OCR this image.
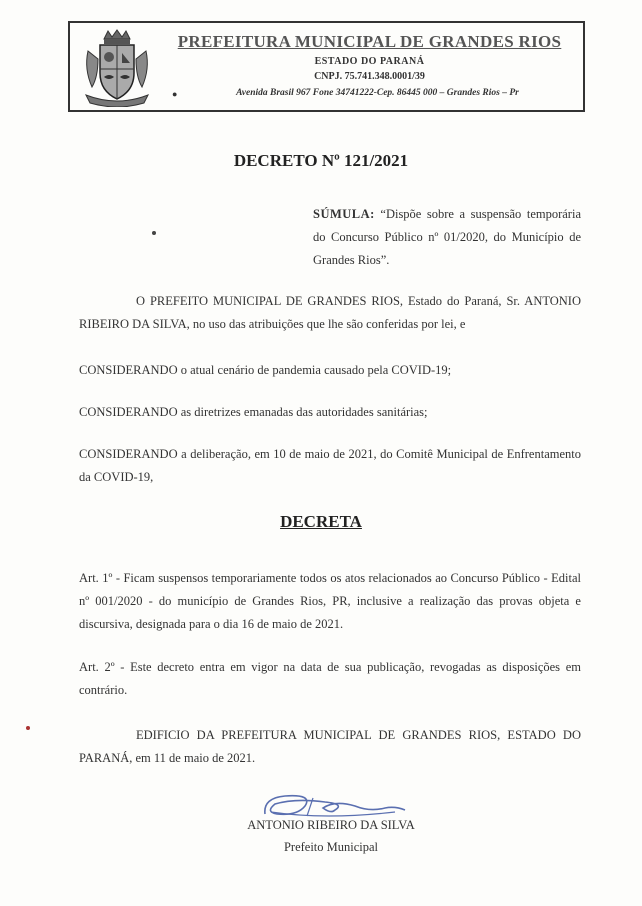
PREFEITURA MUNICIPAL DE GRANDES RIOS
ESTADO DO PARANÁ
CNPJ. 75.741.348.0001/39
●	Avenida Brasil 967 Fone 34741222-Cep. 86445 000 – Grandes Rios – Pr
DECRETO Nº 121/2021
SÚMULA: “Dispõe sobre a suspensão temporária do Concurso Público nº 01/2020, do Município de Grandes Rios”.
O PREFEITO MUNICIPAL DE GRANDES RIOS, Estado do Paraná, Sr. ANTONIO RIBEIRO DA SILVA, no uso das atribuições que lhe são conferidas por lei, e
CONSIDERANDO o atual cenário de pandemia causado pela COVID-19;
CONSIDERANDO as diretrizes emanadas das autoridades sanitárias;
CONSIDERANDO a deliberação, em 10 de maio de 2021, do Comitê Municipal de Enfrentamento da COVID-19,
DECRETA
Art. 1º - Ficam suspensos temporariamente todos os atos relacionados ao Concurso Público - Edital nº 001/2020 - do município de Grandes Rios, PR, inclusive a realização das provas objeta e discursiva, designada para o dia 16 de maio de 2021.
Art. 2º - Este decreto entra em vigor na data de sua publicação, revogadas as disposições em contrário.
EDIFICIO DA PREFEITURA MUNICIPAL DE GRANDES RIOS, ESTADO DO PARANÁ, em 11 de maio de 2021.
ANTONIO RIBEIRO DA SILVA
Prefeito Municipal
